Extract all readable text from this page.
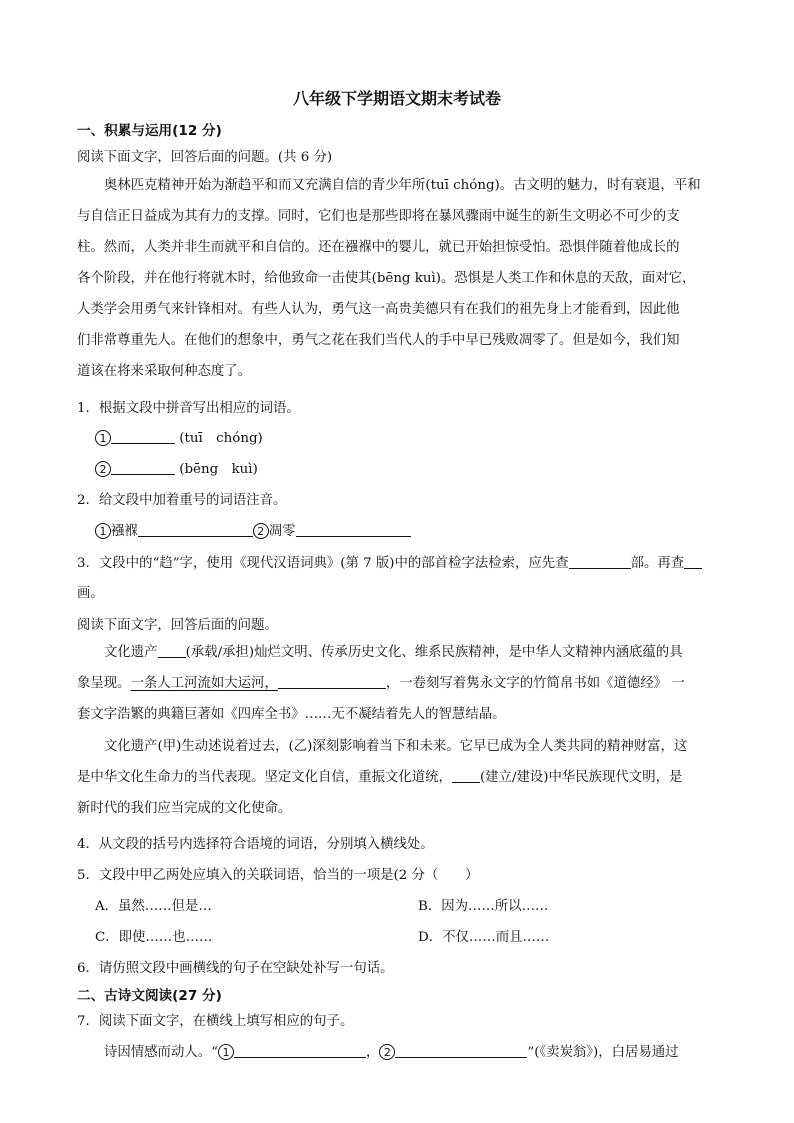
八年级下学期语文期末考试卷
一、积累与运用(12 分)
阅读下面文字，回答后面的问题。(共 6 分)
奥林匹克精神开始为渐趋平和而又充满自信的青少年所(tuī chóng)。古文明的魅力，时有衰退，平和
与自信正日益成为其有力的支撑。同时，它们也是那些即将在暴风骤雨中诞生的新生文明必不可少的支
柱。然而，人类并非生而就平和自信的。还在襁褓中的婴儿，就已开始担惊受怕。恐惧伴随着他成长的
各个阶段，并在他行将就木时，给他致命一击使其(bēng kuì)。恐惧是人类工作和休息的天敌，面对它，
人类学会用勇气来针锋相对。有些人认为，勇气这一高贵美德只有在我们的祖先身上才能看到，因此他
们非常尊重先人。在他们的想象中，勇气之花在我们当代人的手中早已残败凋零了。但是如今，我们知
道该在将来采取何种态度了。
1．根据文段中拼音写出相应的词语。
1	(tuī　chóng)
2	(bēng　kuì)
2．给文段中加着重号的词语注音。
1 襁褓	2 凋零
3．文段中的“趋”字，使用《现代汉语词典》(第 7 版)中的部首检字法检索，应先查	部。再查
画。
阅读下面文字，回答后面的问题。
文化遗产 (承载/承担)灿烂文明、传承历史文化、维系民族精神，是中华人文精神内涵底蕴的具
象呈现。一条人工河流如大运河，	，一卷刻写着隽永文字的竹简帛书如《道德经》 一
套文字浩繁的典籍巨著如《四库全书》……无不凝结着先人的智慧结晶。
文化遗产(甲)生动述说着过去，(乙)深刻影响着当下和未来。它早已成为全人类共同的精神财富，这
是中华文化生命力的当代表现。坚定文化自信，重振文化道统， (建立/建设)中华民族现代文明，是
新时代的我们应当完成的文化使命。
4．从文段的括号内选择符合语境的词语，分别填入横线处。
5．文段中甲乙两处应填入的关联词语，恰当的一项是(2 分（　　）
A．虽然……但是…	B．因为……所以……
C．即使……也……	D．不仅……而且……
6．请仿照文段中画横线的句子在空缺处补写一句话。
二、古诗文阅读(27 分)
7．阅读下面文字，在横线上填写相应的句子。
诗因情感而动人。“ 1	， 2	”(《卖炭翁》)，白居易通过
